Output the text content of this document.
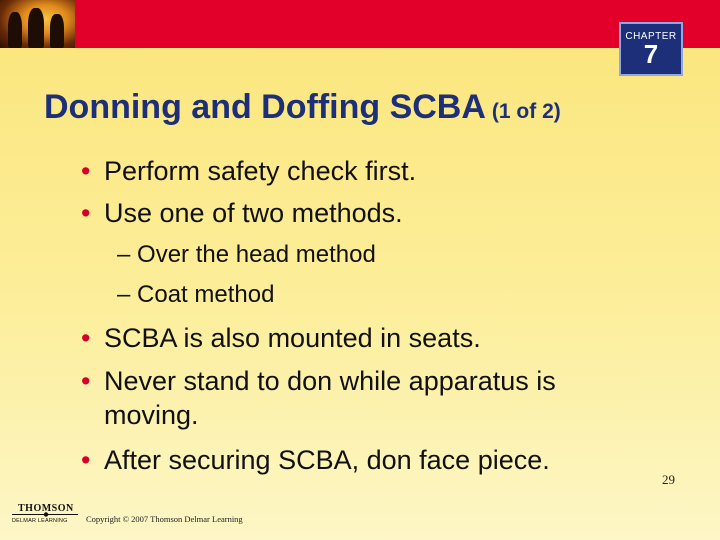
CHAPTER
7
Donning and Doffing SCBA (1 of 2)
• Perform safety check first.
• Use one of two methods.
– Over the head method
– Coat method
• SCBA is also mounted in seats.
• Never stand to don while apparatus is moving.
• After securing SCBA, don face piece.
29
THOMSON
DELMAR LEARNING Copyright © 2007 Thomson Delmar Learning
